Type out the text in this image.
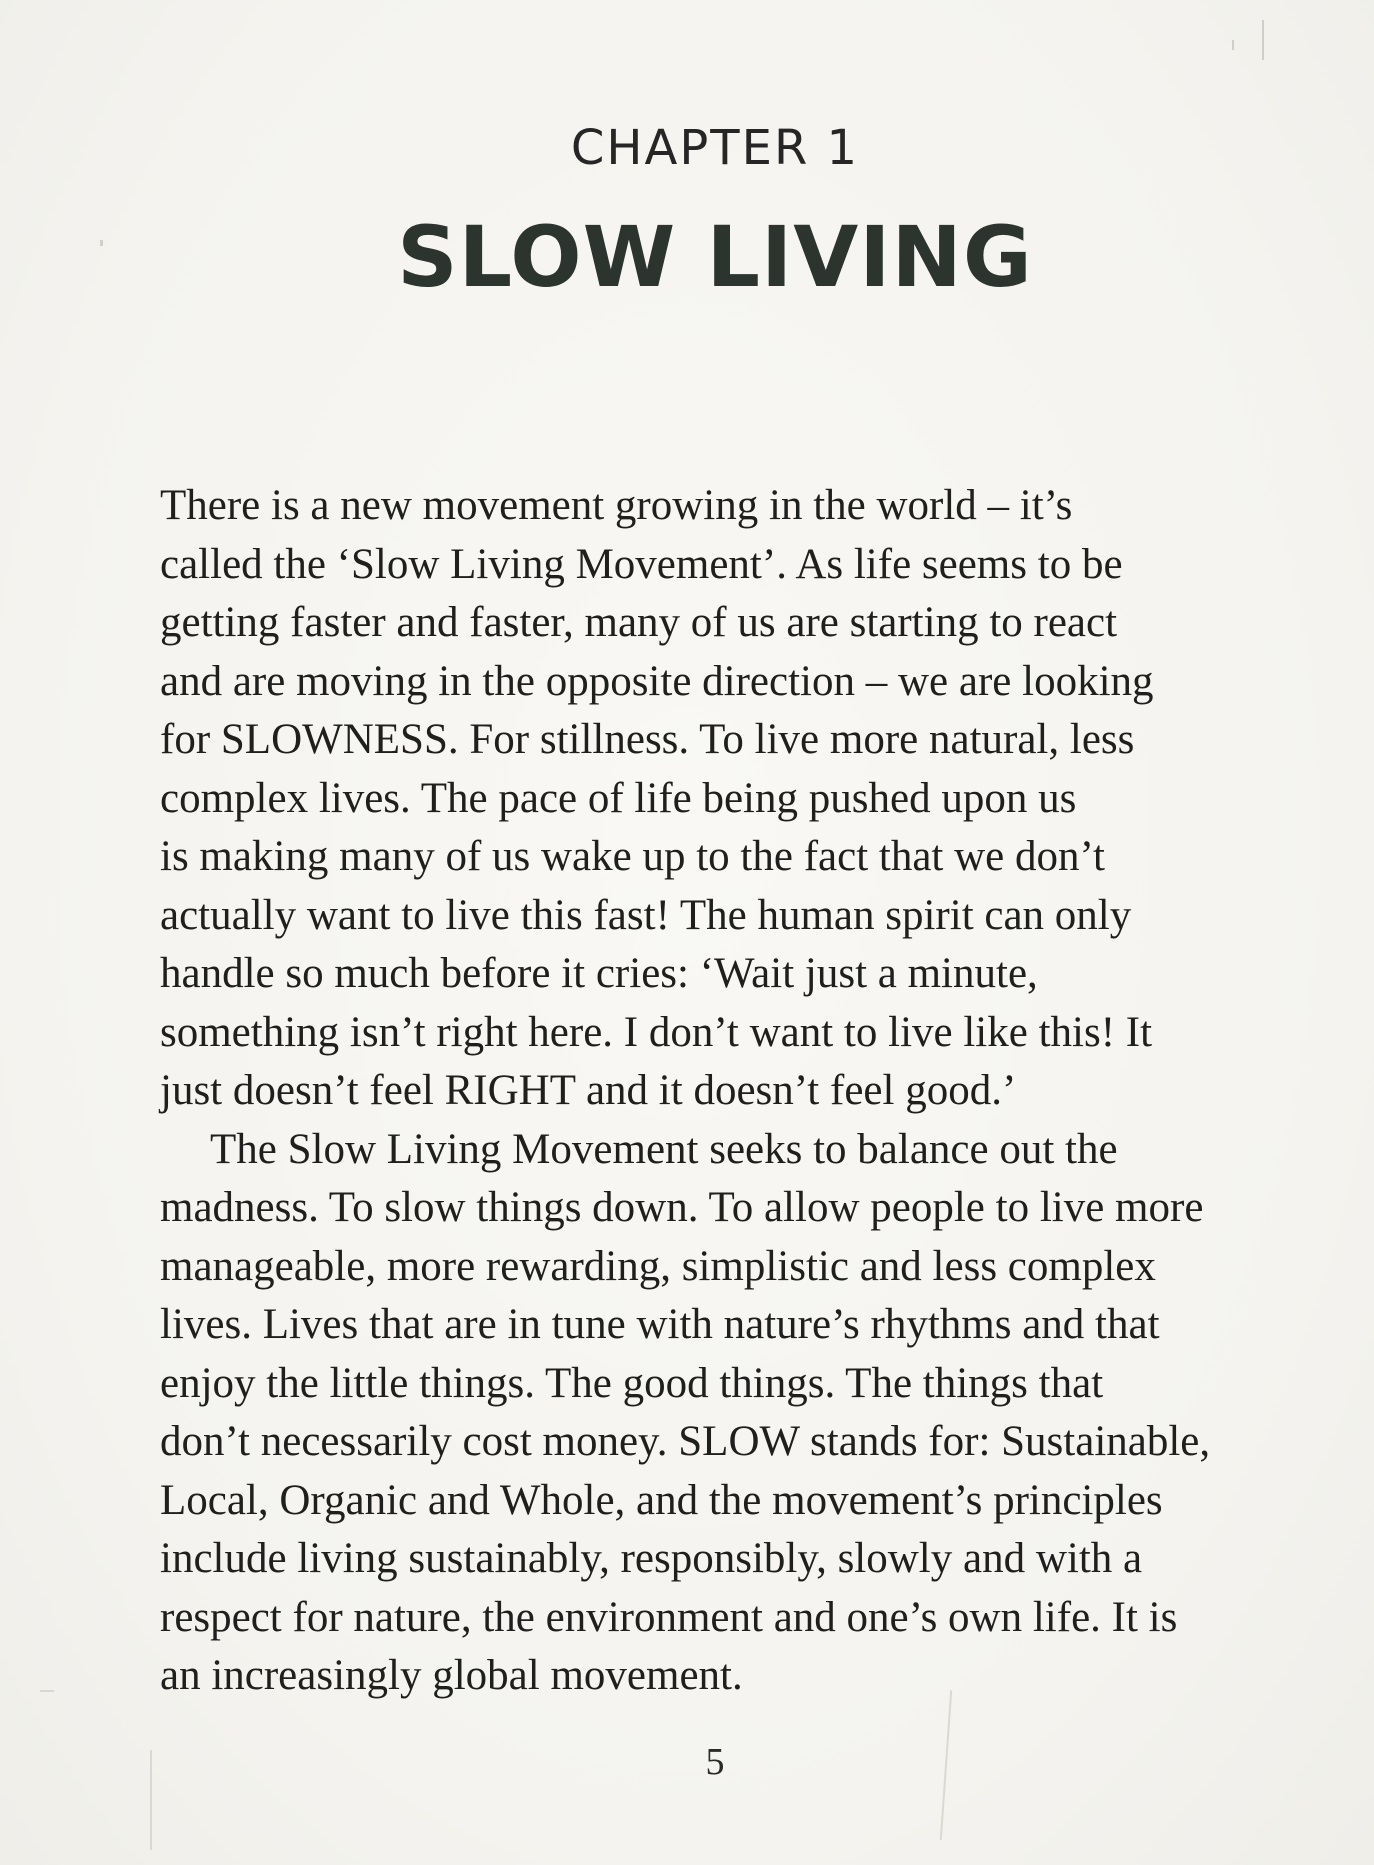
CHAPTER 1
SLOW LIVING
There is a new movement growing in the world – it’s
called the ‘Slow Living Movement’. As life seems to be
getting faster and faster, many of us are starting to react
and are moving in the opposite direction – we are looking
for SLOWNESS. For stillness. To live more natural, less
complex lives. The pace of life being pushed upon us
is making many of us wake up to the fact that we don’t
actually want to live this fast! The human spirit can only
handle so much before it cries: ‘Wait just a minute,
something isn’t right here. I don’t want to live like this! It
just doesn’t feel RIGHT and it doesn’t feel good.’
The Slow Living Movement seeks to balance out the
madness. To slow things down. To allow people to live more
manageable, more rewarding, simplistic and less complex
lives. Lives that are in tune with nature’s rhythms and that
enjoy the little things. The good things. The things that
don’t necessarily cost money. SLOW stands for: Sustainable,
Local, Organic and Whole, and the movement’s principles
include living sustainably, responsibly, slowly and with a
respect for nature, the environment and one’s own life. It is
an increasingly global movement.
5
